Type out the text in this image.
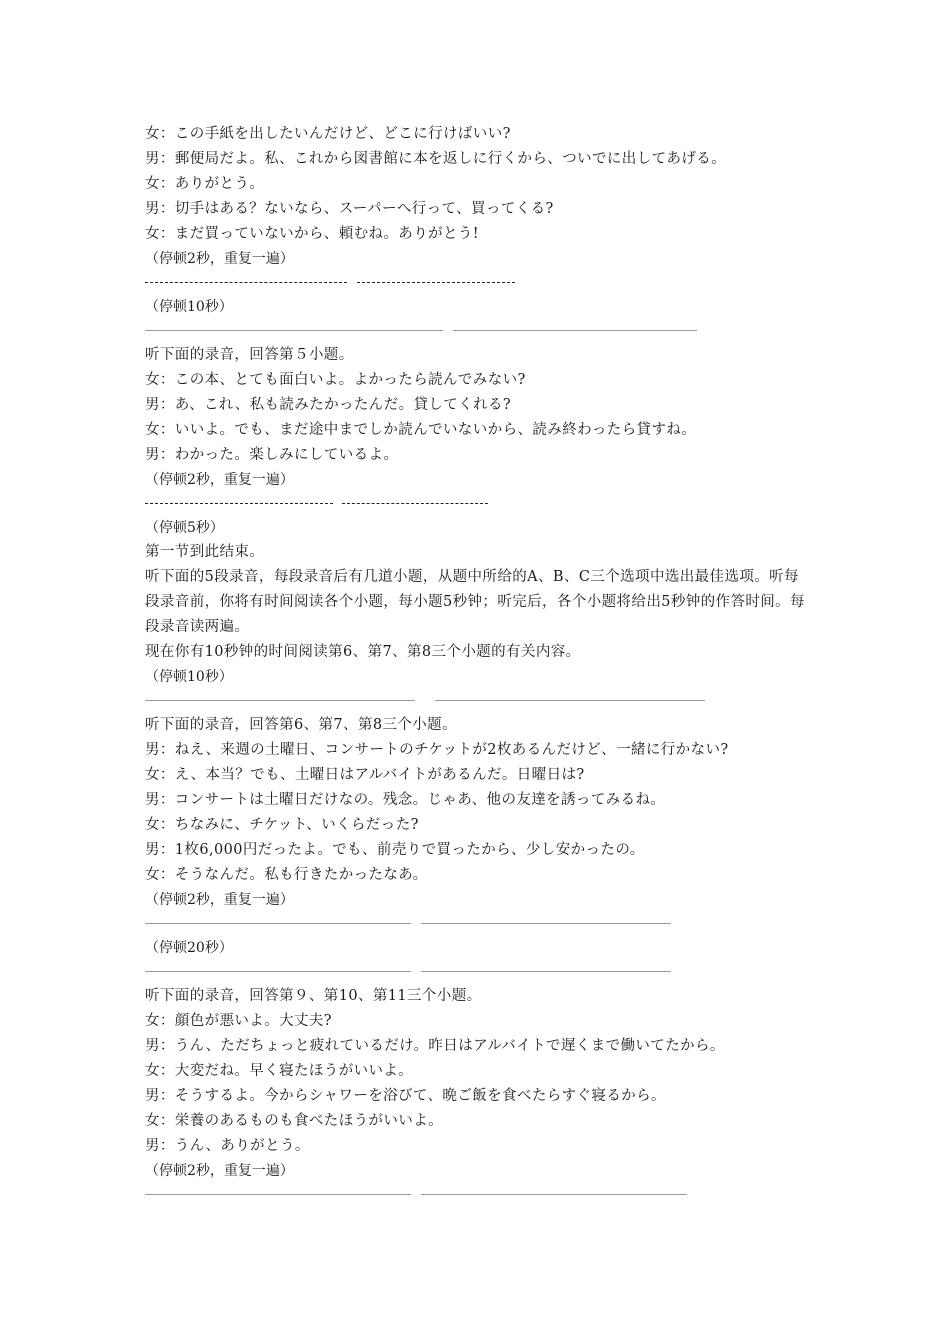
女：この手紙を出したいんだけど、どこに行けばいい?
男：郵便局だよ。私、これから図書館に本を返しに行くから、ついでに出してあげる。
女：ありがとう。
男：切手はある？ないなら、スーパーへ行って、買ってくる?
女：まだ買っていないから、頼むね。ありがとう!
（停顿2秒，重复一遍）
（停顿10秒）
听下面的录音，回答第５小题。
女：この本、とても面白いよ。よかったら読んでみない?
男：あ、これ、私も読みたかったんだ。貸してくれる?
女：いいよ。でも、まだ途中までしか読んでいないから、読み終わったら貸すね。
男：わかった。楽しみにしているよ。
（停顿2秒，重复一遍）
（停顿5秒）
第一节到此结束。
听下面的5段录音，每段录音后有几道小题，从题中所给的A、B、C三个选项中选出最佳选项。听每段录音前，你将有时间阅读各个小题，每小题5秒钟；听完后，各个小题将给出5秒钟的作答时间。每段录音读两遍。
现在你有10秒钟的时间阅读第6、第7、第8三个小题的有关内容。
（停顿10秒）
听下面的录音，回答第6、第7、第8三个小题。
男：ねえ、来週の土曜日、コンサートのチケットが2枚あるんだけど、一緒に行かない?
女：え、本当？でも、土曜日はアルバイトがあるんだ。日曜日は?
男：コンサートは土曜日だけなの。残念。じゃあ、他の友達を誘ってみるね。
女：ちなみに、チケット、いくらだった?
男：1枚6,000円だったよ。でも、前売りで買ったから、少し安かったの。
女：そうなんだ。私も行きたかったなあ。
（停顿2秒，重复一遍）
（停顿20秒）
听下面的录音，回答第９、第10、第11三个小题。
女：顔色が悪いよ。大丈夫?
男：うん、ただちょっと疲れているだけ。昨日はアルバイトで遅くまで働いてたから。
女：大変だね。早く寝たほうがいいよ。
男：そうするよ。今からシャワーを浴びて、晩ご飯を食べたらすぐ寝るから。
女：栄養のあるものも食べたほうがいいよ。
男：うん、ありがとう。
（停顿2秒，重复一遍）
